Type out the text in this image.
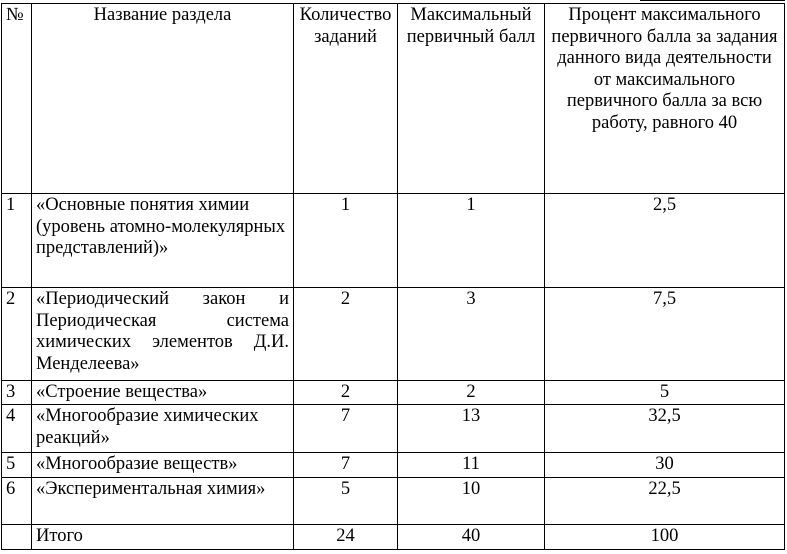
№	Название раздела	Количество заданий	Максимальный первичный балл	Процент максимального первичного балла за задания данного вида деятельности от максимального первичного балла за всю работу, равного 40
1	«Основные понятия химии (уровень атомно-молекулярных представлений)»	1	1	2,5
2	«Периодический закон и Периодическая система химических элементов Д.И. Менделеева»	2	3	7,5
3	«Строение вещества»	2	2	5
4	«Многообразие химических реакций»	7	13	32,5
5	«Многообразие веществ»	7	11	30
6	«Экспериментальная химия»	5	10	22,5
	Итого	24	40	100
